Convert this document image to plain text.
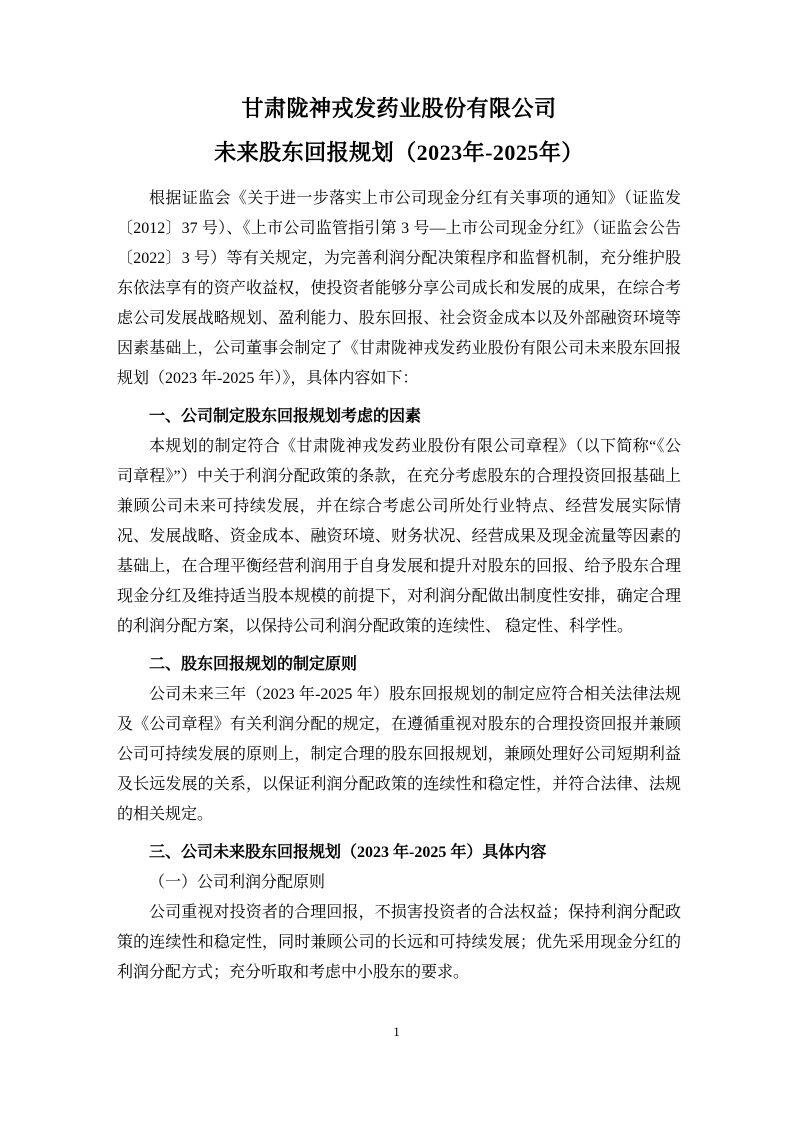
甘肃陇神戎发药业股份有限公司
未来股东回报规划（2023年-2025年）

根据证监会《关于进一步落实上市公司现金分红有关事项的通知》（证监发〔2012〕37 号）、《上市公司监管指引第 3 号—上市公司现金分红》（证监会公告〔2022〕3 号）等有关规定，为完善利润分配决策程序和监督机制，充分维护股东依法享有的资产收益权，使投资者能够分享公司成长和发展的成果，在综合考虑公司发展战略规划、盈利能力、股东回报、社会资金成本以及外部融资环境等因素基础上，公司董事会制定了《甘肃陇神戎发药业股份有限公司未来股东回报规划（2023 年-2025 年）》，具体内容如下：

一、公司制定股东回报规划考虑的因素

本规划的制定符合《甘肃陇神戎发药业股份有限公司章程》（以下简称“《公司章程》”）中关于利润分配政策的条款，在充分考虑股东的合理投资回报基础上兼顾公司未来可持续发展，并在综合考虑公司所处行业特点、经营发展实际情况、发展战略、资金成本、融资环境、财务状况、经营成果及现金流量等因素的基础上，在合理平衡经营利润用于自身发展和提升对股东的回报、给予股东合理现金分红及维持适当股本规模的前提下，对利润分配做出制度性安排，确定合理的利润分配方案，以保持公司利润分配政策的连续性、 稳定性、科学性。

二、股东回报规划的制定原则

公司未来三年（2023 年-2025 年）股东回报规划的制定应符合相关法律法规及《公司章程》有关利润分配的规定，在遵循重视对股东的合理投资回报并兼顾公司可持续发展的原则上，制定合理的股东回报规划，兼顾处理好公司短期利益及长远发展的关系，以保证利润分配政策的连续性和稳定性，并符合法律、法规的相关规定。

三、公司未来股东回报规划（2023 年-2025 年）具体内容
（一）公司利润分配原则

公司重视对投资者的合理回报，不损害投资者的合法权益；保持利润分配政策的连续性和稳定性，同时兼顾公司的长远和可持续发展；优先采用现金分红的利润分配方式；充分听取和考虑中小股东的要求。

1
